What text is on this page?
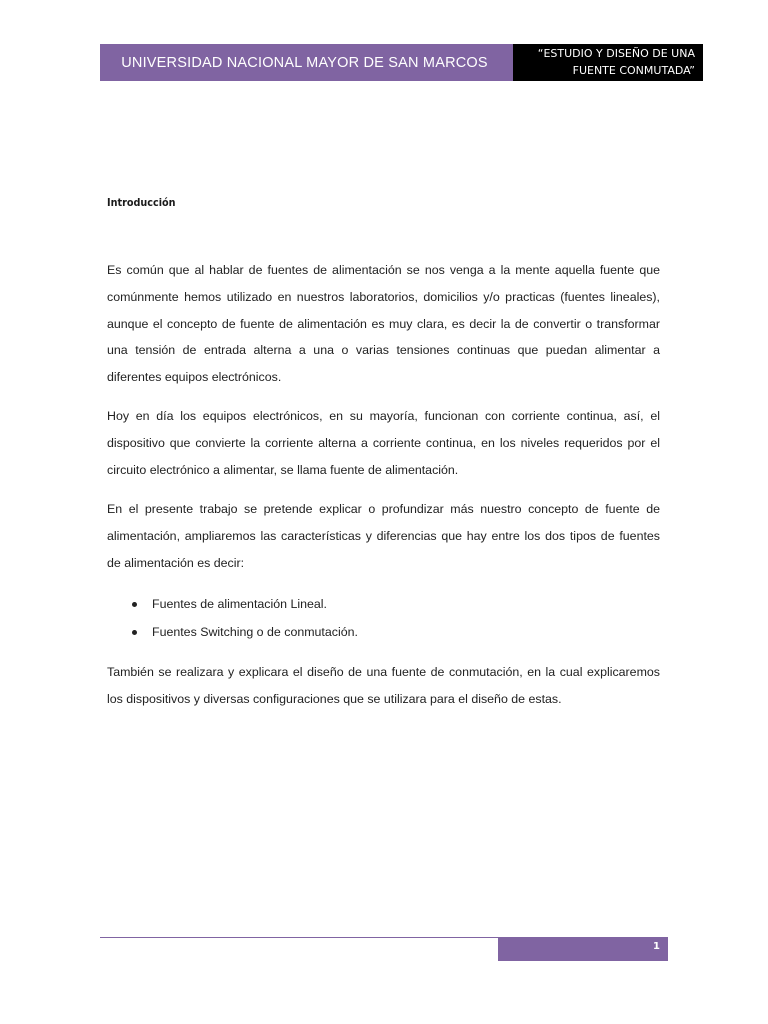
UNIVERSIDAD NACIONAL MAYOR DE SAN MARCOS
“ESTUDIO Y DISEÑO DE UNA
FUENTE CONMUTADA”
Introducción

Es común que al hablar de fuentes de alimentación se nos venga a la mente aquella fuente que comúnmente hemos utilizado en nuestros laboratorios, domicilios y/o practicas (fuentes lineales), aunque el concepto de fuente de alimentación es muy clara, es decir la de convertir o transformar una tensión de entrada alterna a una o varias tensiones continuas que puedan alimentar a diferentes equipos electrónicos.

Hoy en día los equipos electrónicos, en su mayoría, funcionan con corriente continua, así, el dispositivo que convierte la corriente alterna a corriente continua, en los niveles requeridos por el circuito electrónico a alimentar, se llama fuente de alimentación.

En el presente trabajo se pretende explicar o profundizar más nuestro concepto de fuente de alimentación, ampliaremos las características y diferencias que hay entre los dos tipos de fuentes de alimentación es decir:

Fuentes de alimentación Lineal.
Fuentes Switching o de conmutación.

También se realizara y explicara el diseño de una fuente de conmutación, en la cual explicaremos los dispositivos y diversas configuraciones que se utilizara para el diseño de estas.

1
